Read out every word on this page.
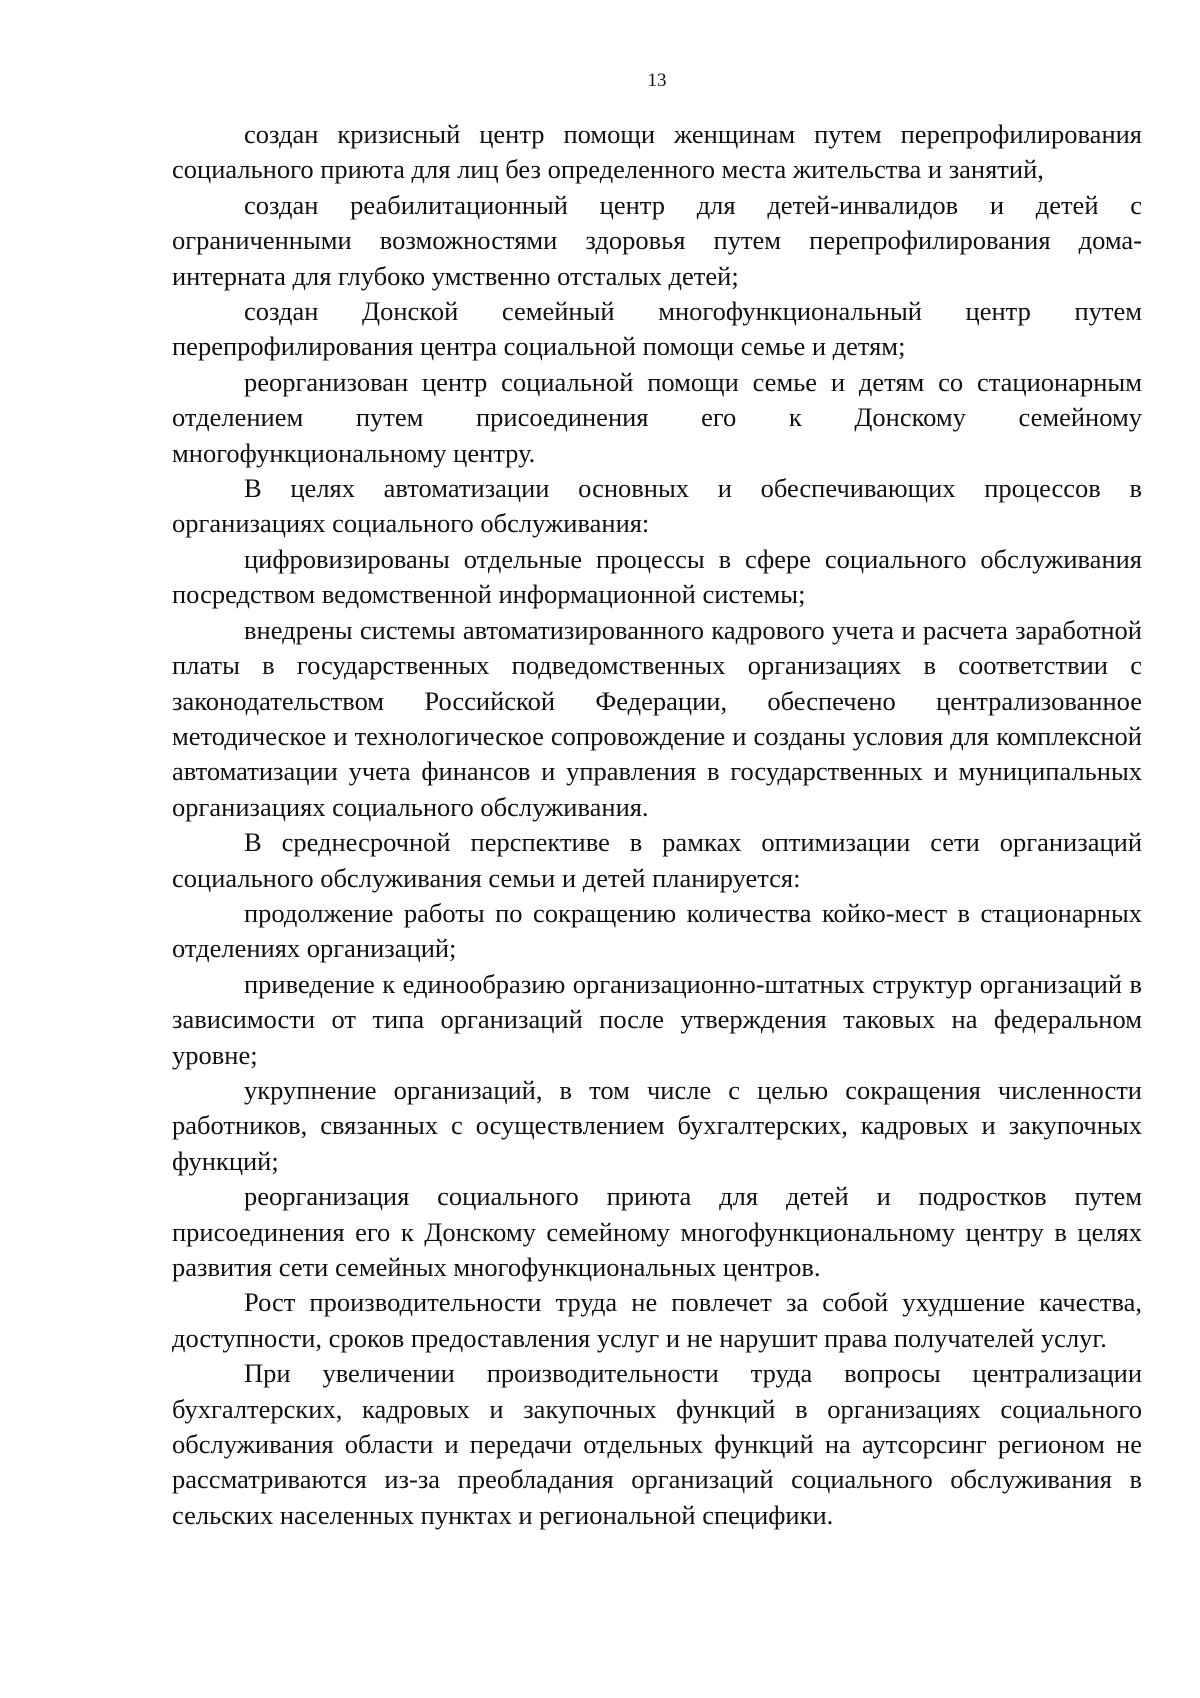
13

создан кризисный центр помощи женщинам путем перепрофилирования социального приюта для лиц без определенного места жительства и занятий,

создан реабилитационный центр для детей-инвалидов и детей с ограниченными возможностями здоровья путем перепрофилирования дома-интерната для глубоко умственно отсталых детей;

создан Донской семейный многофункциональный центр путем перепрофилирования центра социальной помощи семье и детям;

реорганизован центр социальной помощи семье и детям со стационарным отделением путем присоединения его к Донскому семейному многофункциональному центру.

В целях автоматизации основных и обеспечивающих процессов в организациях социального обслуживания:

цифровизированы отдельные процессы в сфере социального обслуживания посредством ведомственной информационной системы;

внедрены системы автоматизированного кадрового учета и расчета заработной платы в государственных подведомственных организациях в соответствии с законодательством Российской Федерации, обеспечено централизованное методическое и технологическое сопровождение и созданы условия для комплексной автоматизации учета финансов и управления в государственных и муниципальных организациях социального обслуживания.

В среднесрочной перспективе в рамках оптимизации сети организаций социального обслуживания семьи и детей планируется:

продолжение работы по сокращению количества койко-мест в стационарных отделениях организаций;

приведение к единообразию организационно-штатных структур организаций в зависимости от типа организаций после утверждения таковых на федеральном уровне;

укрупнение организаций, в том числе с целью сокращения численности работников, связанных с осуществлением бухгалтерских, кадровых и закупочных функций;

реорганизация социального приюта для детей и подростков путем присоединения его к Донскому семейному многофункциональному центру в целях развития сети семейных многофункциональных центров.

Рост производительности труда не повлечет за собой ухудшение качества, доступности, сроков предоставления услуг и не нарушит права получателей услуг.

При увеличении производительности труда вопросы централизации бухгалтерских, кадровых и закупочных функций в организациях социального обслуживания области и передачи отдельных функций на аутсорсинг регионом не рассматриваются из-за преобладания организаций социального обслуживания в сельских населенных пунктах и региональной специфики.
